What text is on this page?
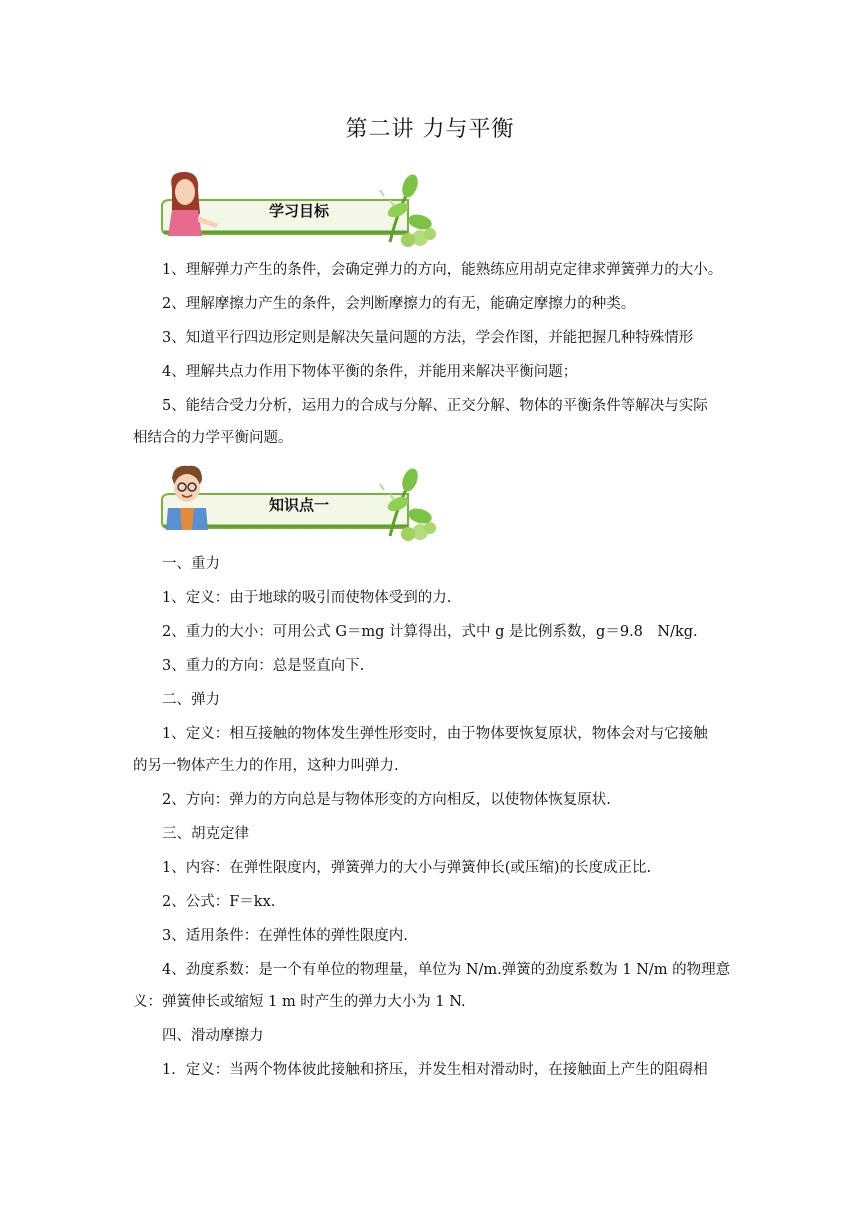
第二讲 力与平衡
学习目标
1、理解弹力产生的条件，会确定弹力的方向，能熟练应用胡克定律求弹簧弹力的大小。
2、理解摩擦力产生的条件，会判断摩擦力的有无，能确定摩擦力的种类。
3、知道平行四边形定则是解决矢量问题的方法，学会作图，并能把握几种特殊情形
4、理解共点力作用下物体平衡的条件，并能用来解决平衡问题；
5、能结合受力分析，运用力的合成与分解、正交分解、物体的平衡条件等解决与实际
相结合的力学平衡问题。
知识点一
一、重力
1、定义：由于地球的吸引而使物体受到的力.
2、重力的大小：可用公式 G＝mg 计算得出，式中 g 是比例系数，g＝9.8　N/kg.
3、重力的方向：总是竖直向下.
二、弹力
1、定义：相互接触的物体发生弹性形变时，由于物体要恢复原状，物体会对与它接触
的另一物体产生力的作用，这种力叫弹力.
2、方向：弹力的方向总是与物体形变的方向相反，以使物体恢复原状.
三、胡克定律
1、内容：在弹性限度内，弹簧弹力的大小与弹簧伸长(或压缩)的长度成正比.
2、公式：F＝kx.
3、适用条件：在弹性体的弹性限度内.
4、劲度系数：是一个有单位的物理量，单位为 N/m.弹簧的劲度系数为 1 N/m 的物理意
义：弹簧伸长或缩短 1 m 时产生的弹力大小为 1 N.
四、滑动摩擦力
1．定义：当两个物体彼此接触和挤压，并发生相对滑动时，在接触面上产生的阻碍相
